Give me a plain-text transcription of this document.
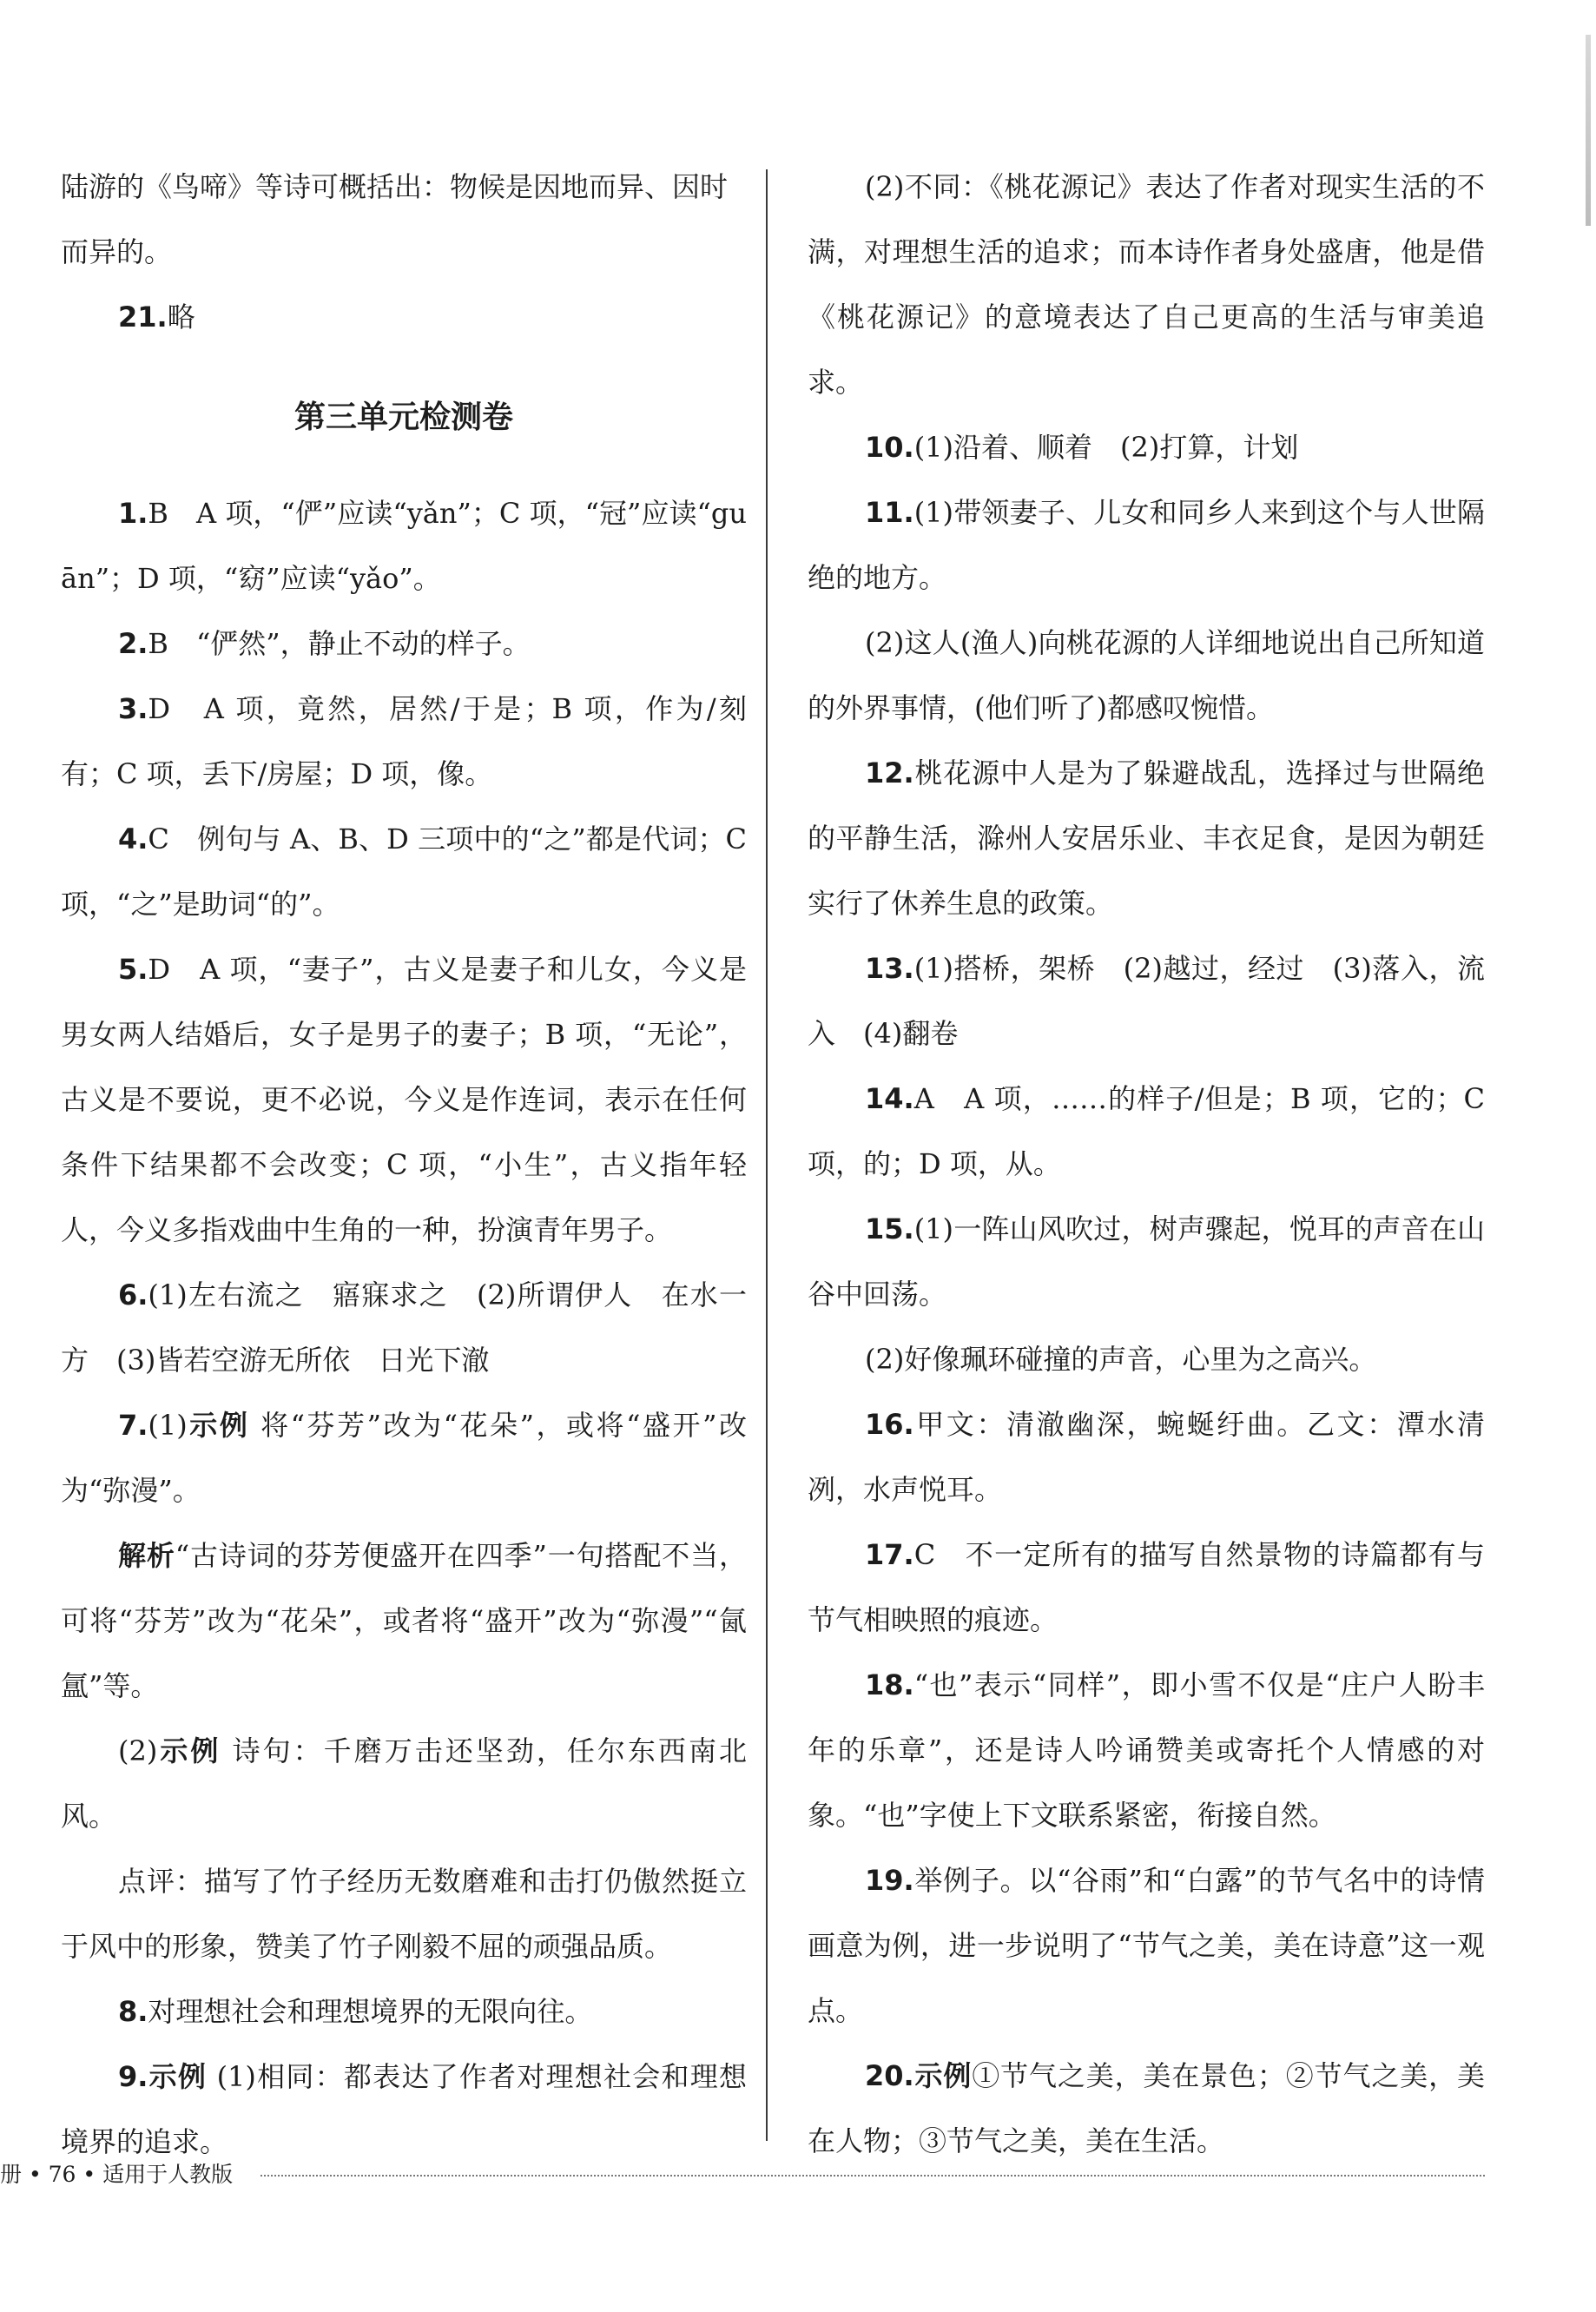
陆游的《鸟啼》等诗可概括出：物候是因地而异、因时

而异的。

21.略

第三单元检测卷

1.B　A 项，“俨”应读“yǎn”；C 项，“冠”应读“guān”；D 项，“窈”应读“yǎo”。

2.B　“俨然”，静止不动的样子。

3.D　A 项，竟然，居然/于是；B 项，作为/刻有；C 项，丢下/房屋；D 项，像。

4.C　例句与 A、B、D 三项中的“之”都是代词；C 项，“之”是助词“的”。

5.D　A 项，“妻子”，古义是妻子和儿女，今义是男女两人结婚后，女子是男子的妻子；B 项，“无论”，古义是不要说，更不必说，今义是作连词，表示在任何条件下结果都不会改变；C 项，“小生”，古义指年轻人，今义多指戏曲中生角的一种，扮演青年男子。

6.(1)左右流之　寤寐求之　(2)所谓伊人　在水一方　(3)皆若空游无所依　日光下澈

7.(1)示例 将“芬芳”改为“花朵”，或将“盛开”改为“弥漫”。

解析“古诗词的芬芳便盛开在四季”一句搭配不当，可将“芬芳”改为“花朵”，或者将“盛开”改为“弥漫”“氤氲”等。

(2)示例 诗句：千磨万击还坚劲，任尔东西南北风。

点评：描写了竹子经历无数磨难和击打仍傲然挺立于风中的形象，赞美了竹子刚毅不屈的顽强品质。

8.对理想社会和理想境界的无限向往。

9.示例 (1)相同：都表达了作者对理想社会和理想境界的追求。

(2)不同：《桃花源记》表达了作者对现实生活的不满，对理想生活的追求；而本诗作者身处盛唐，他是借《桃花源记》的意境表达了自己更高的生活与审美追求。

10.(1)沿着、顺着　(2)打算，计划

11.(1)带领妻子、儿女和同乡人来到这个与人世隔绝的地方。

(2)这人(渔人)向桃花源的人详细地说出自己所知道的外界事情，(他们听了)都感叹惋惜。

12.桃花源中人是为了躲避战乱，选择过与世隔绝的平静生活，滁州人安居乐业、丰衣足食，是因为朝廷实行了休养生息的政策。

13.(1)搭桥，架桥　(2)越过，经过　(3)落入，流入　(4)翻卷

14.A　A 项，……的样子/但是；B 项，它的；C 项，的；D 项，从。

15.(1)一阵山风吹过，树声骤起，悦耳的声音在山谷中回荡。

(2)好像珮环碰撞的声音，心里为之高兴。

16.甲文：清澈幽深，蜿蜒纡曲。乙文：潭水清冽，水声悦耳。

17.C　不一定所有的描写自然景物的诗篇都有与节气相映照的痕迹。

18.“也”表示“同样”，即小雪不仅是“庄户人盼丰年的乐章”，还是诗人吟诵赞美或寄托个人情感的对象。“也”字使上下文联系紧密，衔接自然。

19.举例子。以“谷雨”和“白露”的节气名中的诗情画意为例，进一步说明了“节气之美，美在诗意”这一观点。

20.示例①节气之美，美在景色；②节气之美，美在人物；③节气之美，美在生活。

册 • 76 • 适用于人教版
